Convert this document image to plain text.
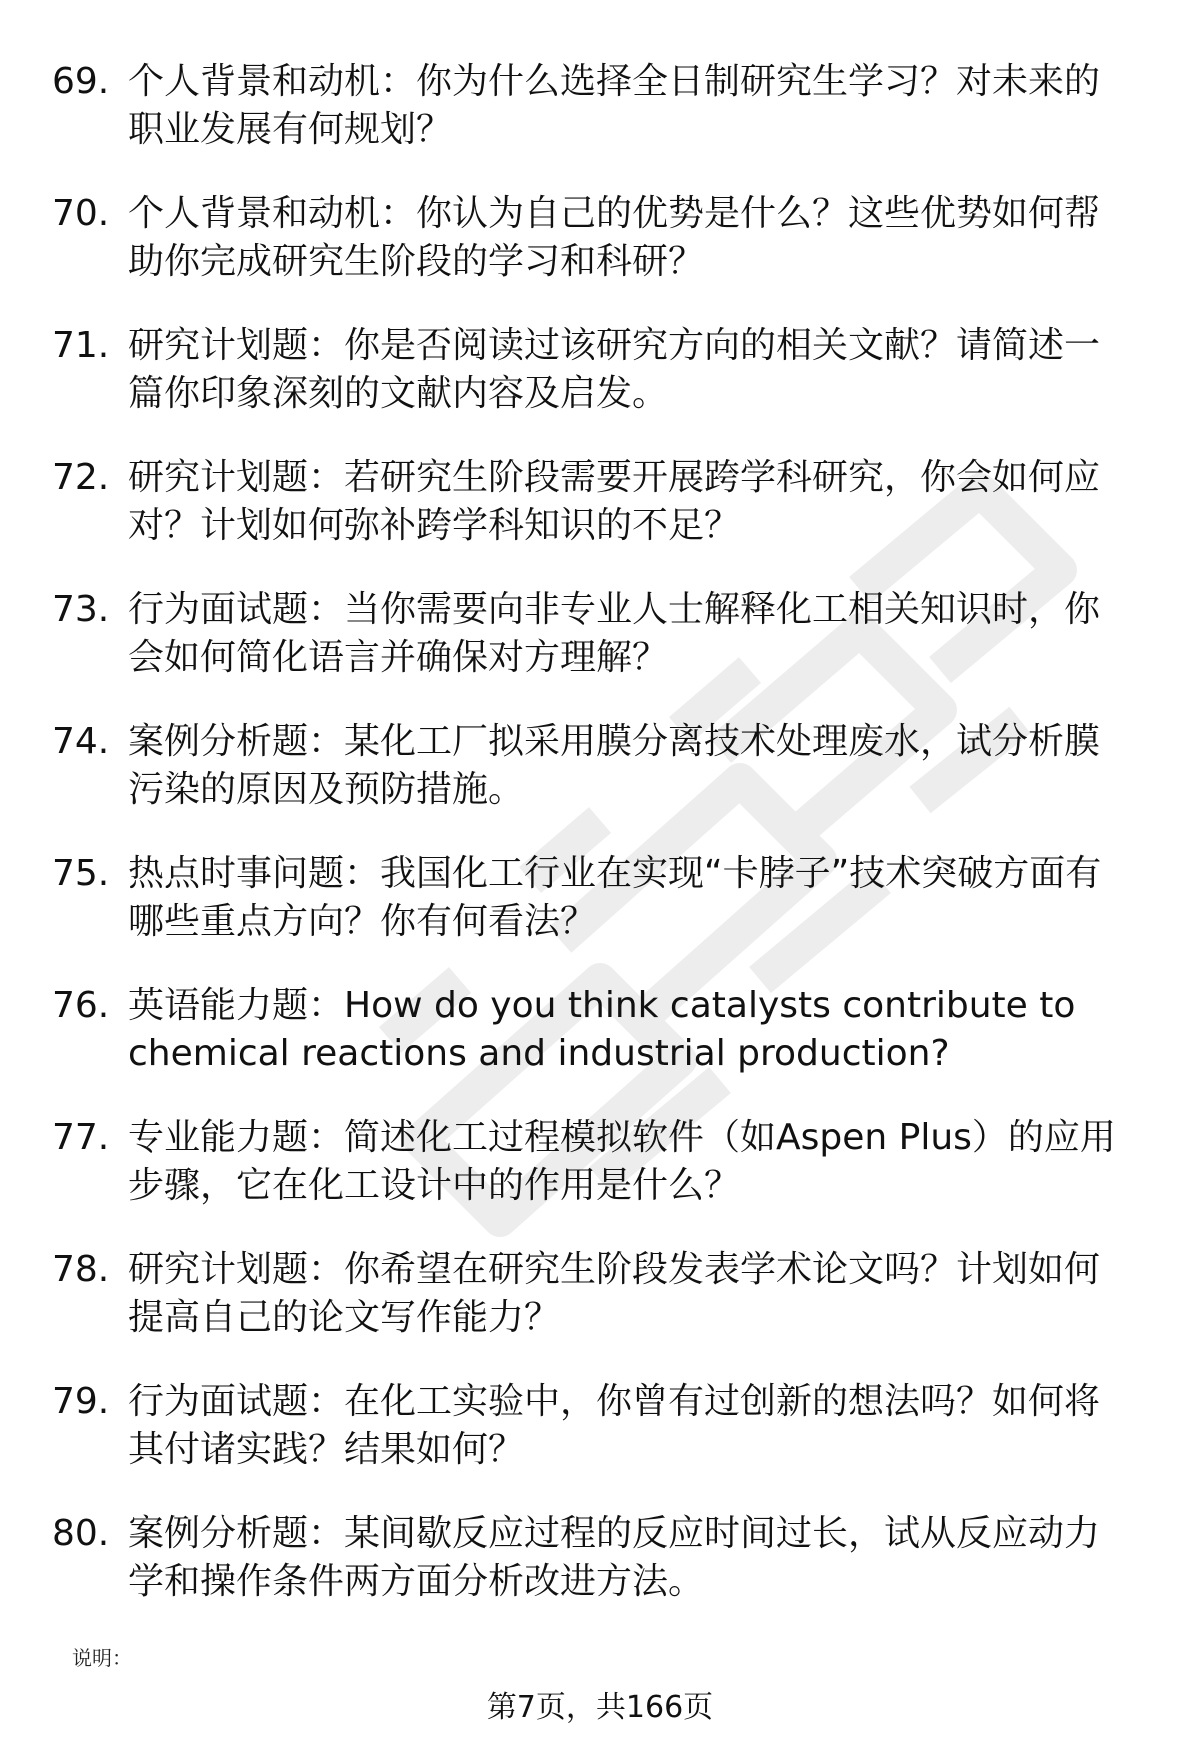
69. 个人背景和动机：你为什么选择全日制研究生学习？对未来的职业发展有何规划？
70. 个人背景和动机：你认为自己的优势是什么？这些优势如何帮助你完成研究生阶段的学习和科研？
71. 研究计划题：你是否阅读过该研究方向的相关文献？请简述一篇你印象深刻的文献内容及启发。
72. 研究计划题：若研究生阶段需要开展跨学科研究，你会如何应对？计划如何弥补跨学科知识的不足？
73. 行为面试题：当你需要向非专业人士解释化工相关知识时，你会如何简化语言并确保对方理解？
74. 案例分析题：某化工厂拟采用膜分离技术处理废水，试分析膜污染的原因及预防措施。
75. 热点时事问题：我国化工行业在实现“卡脖子”技术突破方面有哪些重点方向？你有何看法？
76. 英语能力题：How do you think catalysts contribute to chemical reactions and industrial production?
77. 专业能力题：简述化工过程模拟软件（如Aspen Plus）的应用步骤，它在化工设计中的作用是什么？
78. 研究计划题：你希望在研究生阶段发表学术论文吗？计划如何提高自己的论文写作能力？
79. 行为面试题：在化工实验中，你曾有过创新的想法吗？如何将其付诸实践？结果如何？
80. 案例分析题：某间歇反应过程的反应时间过长，试从反应动力学和操作条件两方面分析改进方法。
说明：
第7页，共166页
